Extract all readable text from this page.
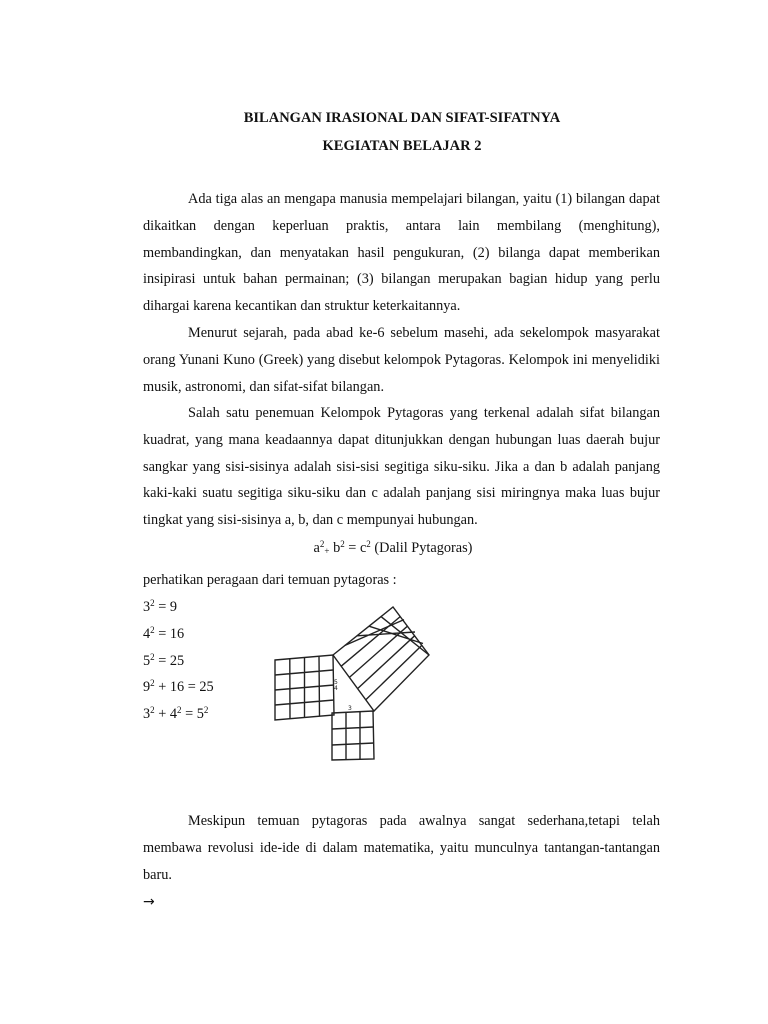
BILANGAN IRASIONAL DAN SIFAT-SIFATNYA
KEGIATAN BELAJAR 2

Ada tiga alas an mengapa manusia mempelajari bilangan, yaitu (1) bilangan dapat dikaitkan dengan keperluan praktis, antara lain membilang (menghitung), membandingkan, dan menyatakan hasil pengukuran, (2) bilanga dapat memberikan insipirasi untuk bahan permainan; (3) bilangan merupakan bagian hidup yang perlu dihargai karena kecantikan dan struktur keterkaitannya.

Menurut sejarah, pada abad ke-6 sebelum masehi, ada sekelompok masyarakat orang Yunani Kuno (Greek) yang disebut kelompok Pytagoras. Kelompok ini menyelidiki musik, astronomi, dan sifat-sifat bilangan.

Salah satu penemuan Kelompok Pytagoras yang terkenal adalah sifat bilangan kuadrat, yang mana keadaannya dapat ditunjukkan dengan hubungan luas daerah bujur sangkar yang sisi-sisinya adalah sisi-sisi segitiga siku-siku. Jika a dan b adalah panjang kaki-kaki suatu segitiga siku-siku dan c adalah panjang sisi miringnya maka luas bujur tingkat yang sisi-sisinya a, b, dan c mempunyai hubungan.

$a^2+ b^2 = c^2$ (Dalil Pytagoras)

perhatikan peragaan dari temuan pytagoras :

$3^2 = 9$
$4^2 = 16$
$5^2 = 25$
$9^2 + 16 = 25$
$3^2 + 4^2 = 5^2$
4
5
3

Meskipun temuan pytagoras pada awalnya sangat sederhana,tetapi telah membawa revolusi ide-ide di dalam matematika, yaitu munculnya tantangan-tantangan baru.

→
